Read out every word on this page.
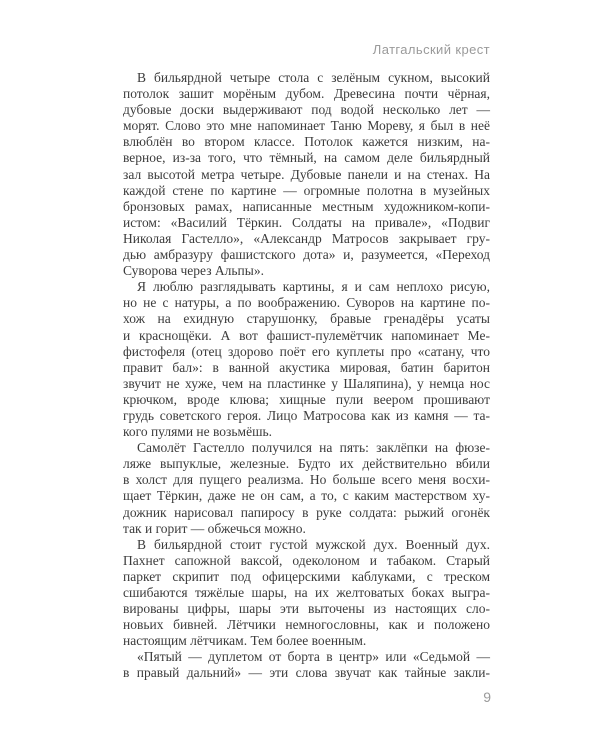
Латгальский крест

В бильярдной четыре стола с зелёным сукном, высокий
потолок зашит морёным дубом. Древесина почти чёрная,
дубовые доски выдерживают под водой несколько лет —
морят. Слово это мне напоминает Таню Мореву, я был в неё
влюблён во втором классе. Потолок кажется низким, на-
верное, из-за того, что тёмный, на самом деле бильярдный
зал высотой метра четыре. Дубовые панели и на стенах. На
каждой стене по картине — огромные полотна в музейных
бронзовых рамах, написанные местным художником-копи-
истом: «Василий Тёркин. Солдаты на привале», «Подвиг
Николая Гастелло», «Александр Матросов закрывает гру-
дью амбразуру фашистского дота» и, разумеется, «Переход
Суворова через Альпы».

Я люблю разглядывать картины, я и сам неплохо рисую,
но не с натуры, а по воображению. Суворов на картине по-
хож на ехидную старушонку, бравые гренадёры усаты
и краснощёки. А вот фашист-пулемётчик напоминает Ме-
фистофеля (отец здорово поёт его куплеты про «сатану, что
правит бал»: в ванной акустика мировая, батин баритон
звучит не хуже, чем на пластинке у Шаляпина), у немца нос
крючком, вроде клюва; хищные пули веером прошивают
грудь советского героя. Лицо Матросова как из камня — та-
кого пулями не возьмёшь.

Самолёт Гастелло получился на пять: заклёпки на фюзе-
ляже выпуклые, железные. Будто их действительно вбили
в холст для пущего реализма. Но больше всего меня восхи-
щает Тёркин, даже не он сам, а то, с каким мастерством ху-
дожник нарисовал папиросу в руке солдата: рыжий огонёк
так и горит — обжечься можно.

В бильярдной стоит густой мужской дух. Военный дух.
Пахнет сапожной ваксой, одеколоном и табаком. Старый
паркет скрипит под офицерскими каблуками, с треском
сшибаются тяжёлые шары, на их желтоватых боках выгра-
вированы цифры, шары эти выточены из настоящих сло-
новьих бивней. Лётчики немногословны, как и положено
настоящим лётчикам. Тем более военным.

«Пятый — дуплетом от борта в центр» или «Седьмой —
в правый дальний» — эти слова звучат как тайные закли-

9
